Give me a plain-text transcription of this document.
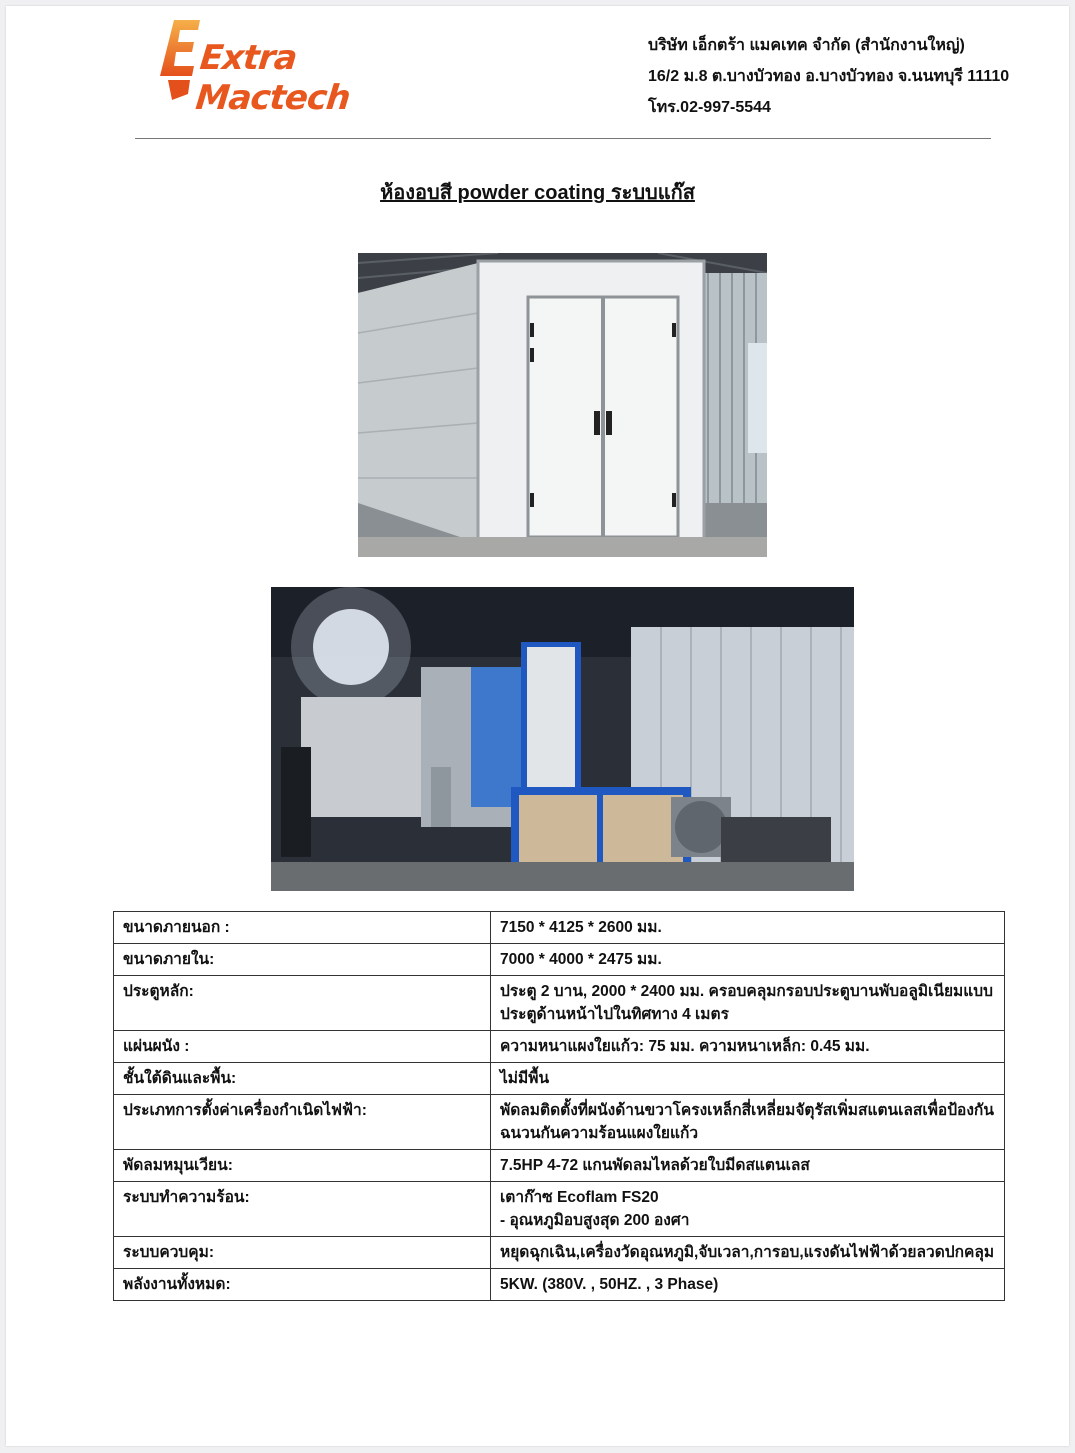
Extra Mactech
บริษัท เอ็กตร้า แมคเทค จำกัด (สำนักงานใหญ่)
16/2 ม.8 ต.บางบัวทอง อ.บางบัวทอง จ.นนทบุรี 11110
โทร.02-997-5544
ห้องอบสี powder coating ระบบแก๊ส
ขนาดภายนอก :	7150 * 4125 * 2600 มม.

ขนาดภายใน:	7000 * 4000 * 2475 มม.

ประตูหลัก:	ประตู 2 บาน, 2000 * 2400 มม. ครอบคลุมกรอบประตูบานพับอลูมิเนียมแบบ
ประตูด้านหน้าไปในทิศทาง 4 เมตร

แผ่นผนัง :	ความหนาแผงใยแก้ว: 75 มม. ความหนาเหล็ก: 0.45 มม.

ชั้นใต้ดินและพื้น:	ไม่มีพื้น

ประเภทการตั้งค่าเครื่องกำเนิดไฟฟ้า:	พัดลมติดตั้งที่ผนังด้านขวาโครงเหล็กสี่เหลี่ยมจัตุรัสเพิ่มสแตนเลสเพื่อป้องกัน
ฉนวนกันความร้อนแผงใยแก้ว

พัดลมหมุนเวียน:	7.5HP 4-72 แกนพัดลมไหลด้วยใบมีดสแตนเลส

ระบบทำความร้อน:	เตาก๊าซ Ecoflam FS20
- อุณหภูมิอบสูงสุด 200 องศา

ระบบควบคุม:	หยุดฉุกเฉิน,เครื่องวัดอุณหภูมิ,จับเวลา,การอบ,แรงดันไฟฟ้าด้วยลวดปกคลุม

พลังงานทั้งหมด:	5KW. (380V. , 50HZ. , 3 Phase)
